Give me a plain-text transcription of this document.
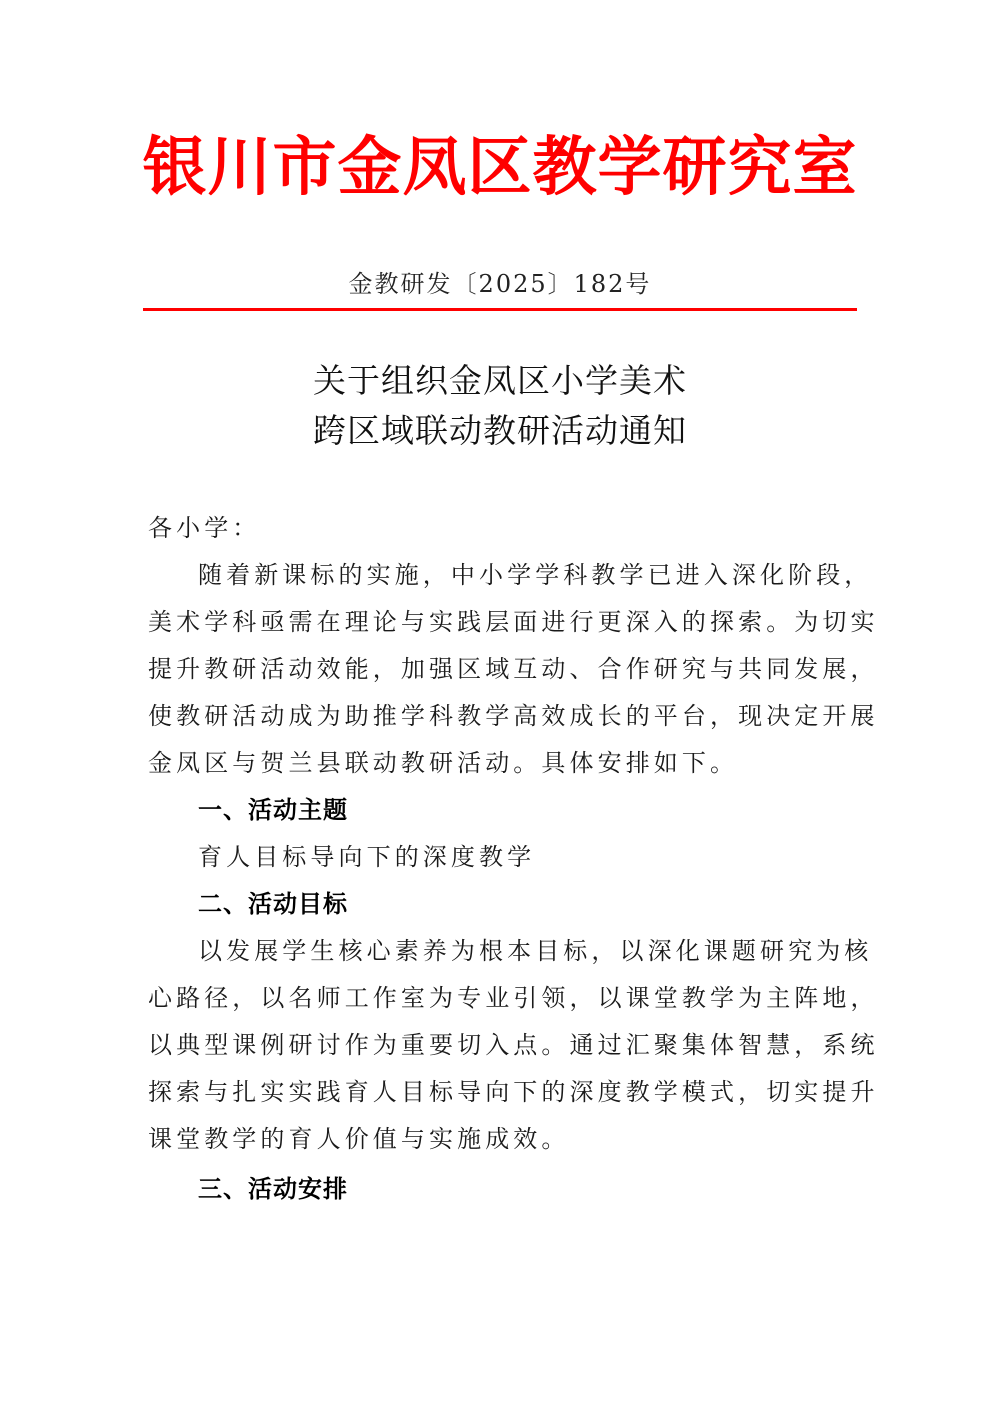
银川市金凤区教学研究室
金教研发〔2025〕182号
关于组织金凤区小学美术
跨区域联动教研活动通知
各小学：
随着新课标的实施，中小学学科教学已进入深化阶段，
美术学科亟需在理论与实践层面进行更深入的探索。为切实
提升教研活动效能，加强区域互动、合作研究与共同发展，
使教研活动成为助推学科教学高效成长的平台，现决定开展
金凤区与贺兰县联动教研活动。具体安排如下。
一、活动主题
育人目标导向下的深度教学
二、活动目标
以发展学生核心素养为根本目标，以深化课题研究为核
心路径，以名师工作室为专业引领，以课堂教学为主阵地，
以典型课例研讨作为重要切入点。通过汇聚集体智慧，系统
探索与扎实实践育人目标导向下的深度教学模式，切实提升
课堂教学的育人价值与实施成效。
三、活动安排
